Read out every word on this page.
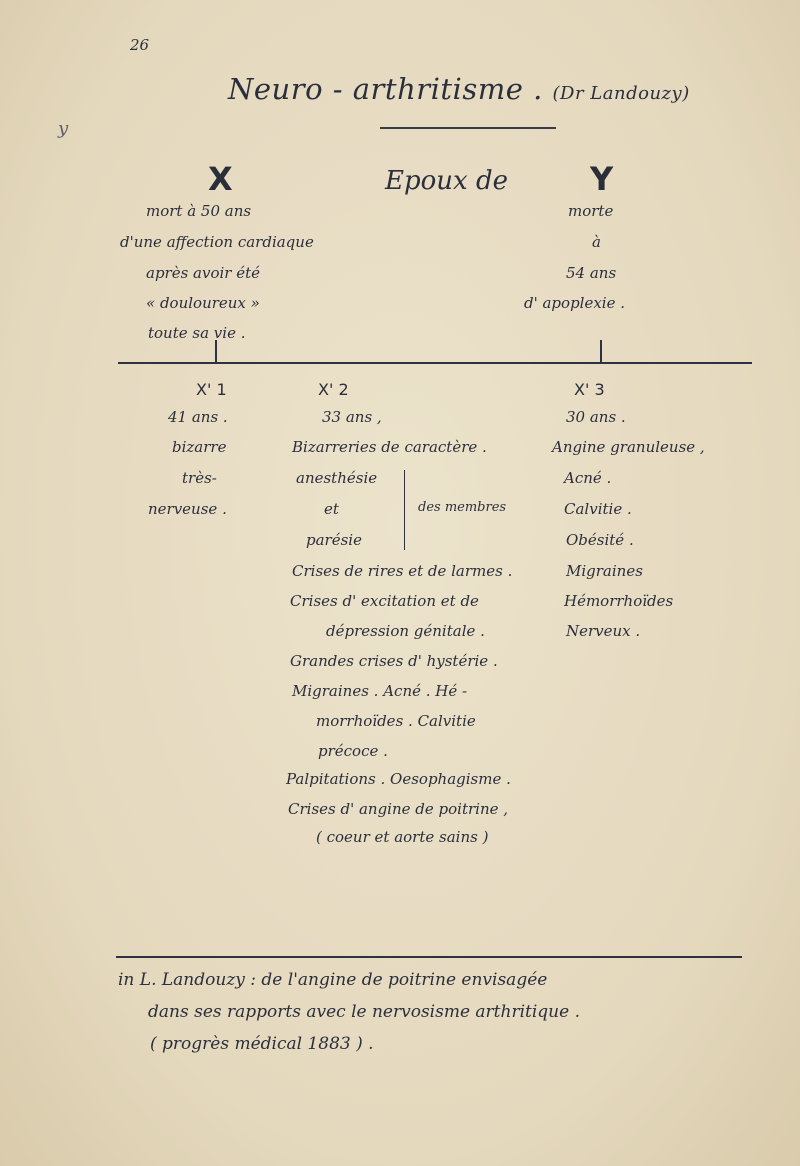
26
y
Neuro - arthritisme . (Dr Landouzy)
X	Epoux de	Y
mort à 50 ans
d'une affection cardiaque
après avoir été
« douloureux »
toute sa vie .
morte
à
54 ans
d' apoplexie .
X' 1
41 ans .
bizarre
très-
nerveuse .
X' 2
33 ans ,
Bizarreries de caractère .
anesthésie
et
parésie
des membres
Crises de rires et de larmes .
Crises d' excitation et de
dépression génitale .
Grandes crises d' hystérie .
Migraines . Acné . Hé -
morrhoïdes . Calvitie
précoce .
Palpitations . Oesophagisme .
Crises d' angine de poitrine ,
( coeur et aorte sains )
X' 3
30 ans .
Angine granuleuse ,
Acné .
Calvitie .
Obésité .
Migraines
Hémorrhoïdes
Nerveux .
in L. Landouzy : de l'angine de poitrine envisagée
dans ses rapports avec le nervosisme arthritique .
( progrès médical 1883 ) .
